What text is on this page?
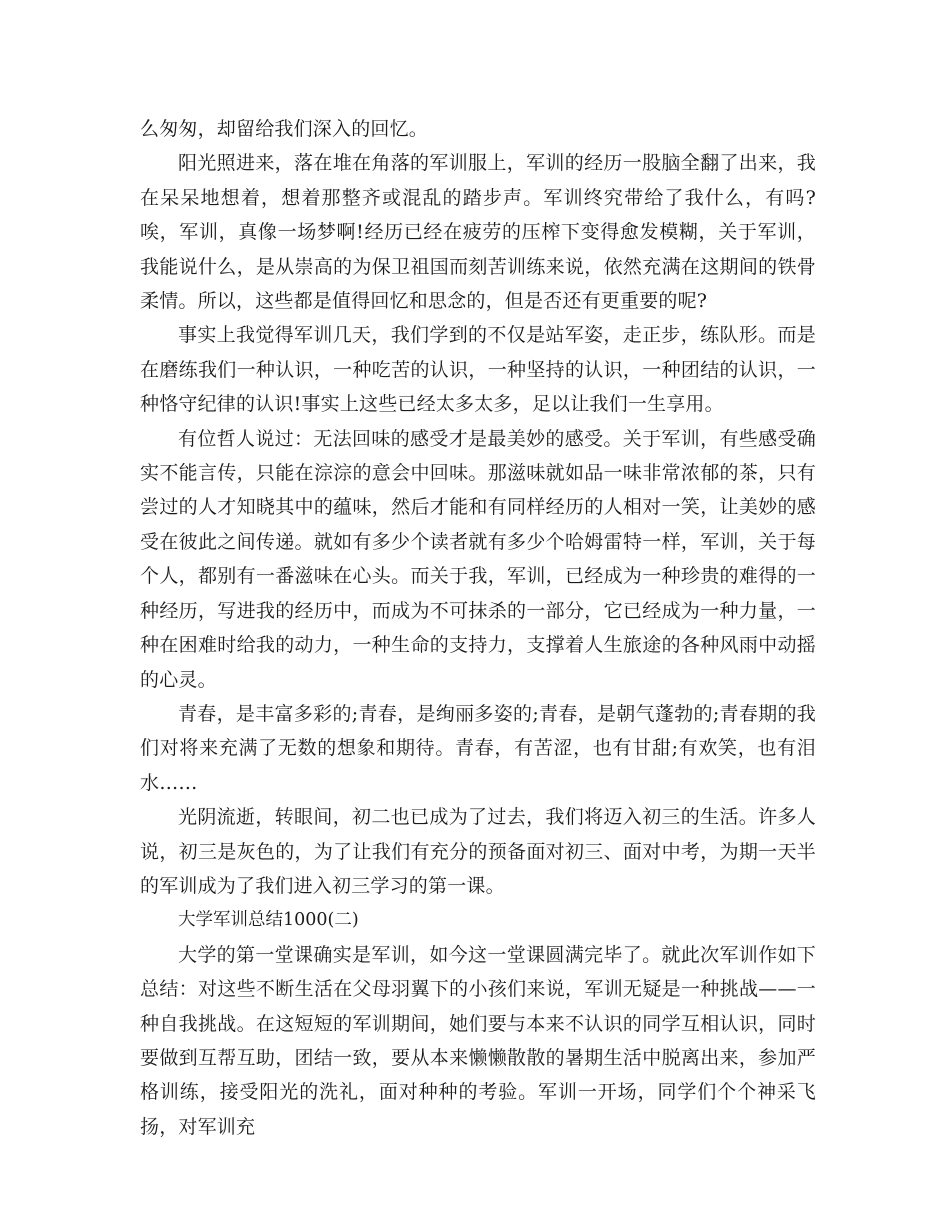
么匆匆，却留给我们深入的回忆。

阳光照进来，落在堆在角落的军训服上，军训的经历一股脑全翻了出来，我在呆呆地想着，想着那整齐或混乱的踏步声。军训终究带给了我什么，有吗?唉，军训，真像一场梦啊!经历已经在疲劳的压榨下变得愈发模糊，关于军训，我能说什么，是从崇高的为保卫祖国而刻苦训练来说，依然充满在这期间的铁骨柔情。所以，这些都是值得回忆和思念的，但是否还有更重要的呢?

事实上我觉得军训几天，我们学到的不仅是站军姿，走正步，练队形。而是在磨练我们一种认识，一种吃苦的认识，一种坚持的认识，一种团结的认识，一种恪守纪律的认识!事实上这些已经太多太多，足以让我们一生享用。

有位哲人说过：无法回味的感受才是最美妙的感受。关于军训，有些感受确实不能言传，只能在淙淙的意会中回味。那滋味就如品一味非常浓郁的茶，只有尝过的人才知晓其中的蕴味，然后才能和有同样经历的人相对一笑，让美妙的感受在彼此之间传递。就如有多少个读者就有多少个哈姆雷特一样，军训，关于每个人，都别有一番滋味在心头。而关于我，军训，已经成为一种珍贵的难得的一种经历，写进我的经历中，而成为不可抹杀的一部分，它已经成为一种力量，一种在困难时给我的动力，一种生命的支持力，支撑着人生旅途的各种风雨中动摇的心灵。

青春，是丰富多彩的;青春，是绚丽多姿的;青春，是朝气蓬勃的;青春期的我们对将来充满了无数的想象和期待。青春，有苦涩，也有甘甜;有欢笑，也有泪水……

光阴流逝，转眼间，初二也已成为了过去，我们将迈入初三的生活。许多人说，初三是灰色的，为了让我们有充分的预备面对初三、面对中考，为期一天半的军训成为了我们进入初三学习的第一课。

大学军训总结1000(二)

大学的第一堂课确实是军训，如今这一堂课圆满完毕了。就此次军训作如下总结：对这些不断生活在父母羽翼下的小孩们来说，军训无疑是一种挑战——一种自我挑战。在这短短的军训期间，她们要与本来不认识的同学互相认识，同时要做到互帮互助，团结一致，要从本来懒懒散散的暑期生活中脱离出来，参加严格训练，接受阳光的洗礼，面对种种的考验。军训一开场，同学们个个神采飞扬，对军训充
